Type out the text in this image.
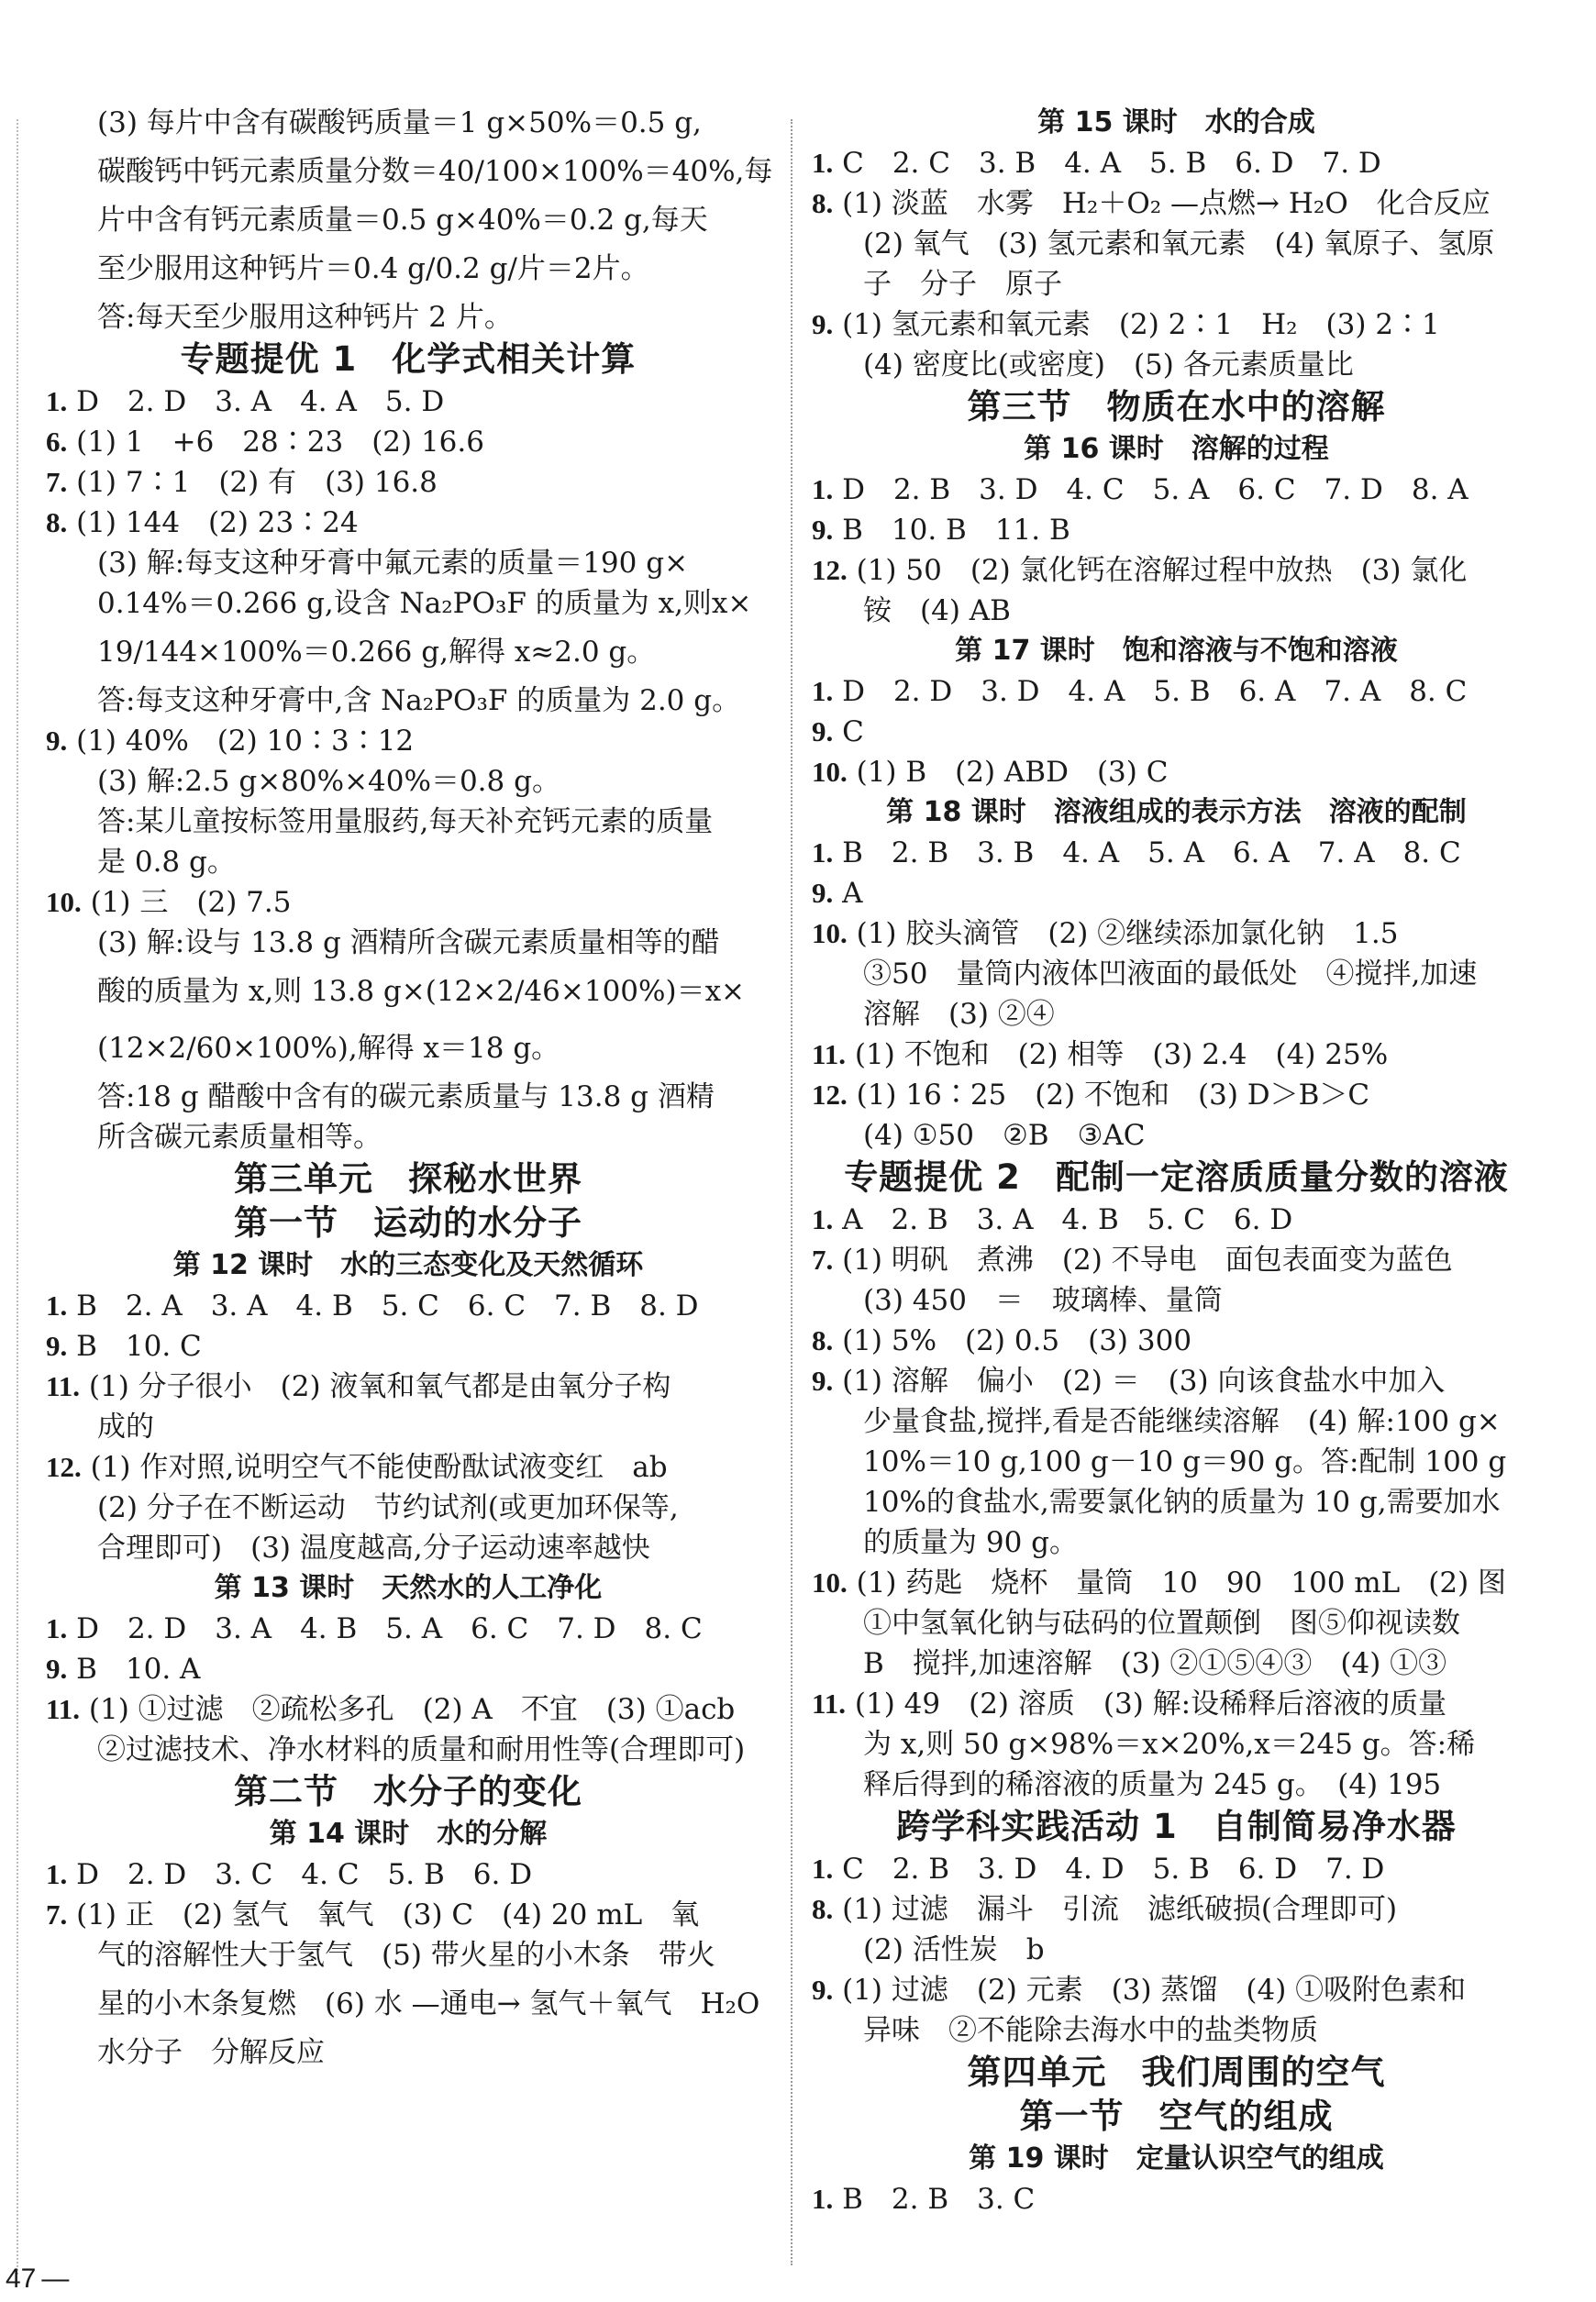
(3) 每片中含有碳酸钙质量＝1 g×50%＝0.5 g,
碳酸钙中钙元素质量分数＝40/100×100%＝40%,每
片中含有钙元素质量＝0.5 g×40%＝0.2 g,每天
至少服用这种钙片＝0.4 g/0.2 g/片＝2片。
答:每天至少服用这种钙片 2 片。
专题提优 1　化学式相关计算
1. D　2. D　3. A　4. A　5. D
6. (1) 1　+6　28∶23　(2) 16.6
7. (1) 7∶1　(2) 有　(3) 16.8
8. (1) 144　(2) 23∶24
(3) 解:每支这种牙膏中氟元素的质量＝190 g×
0.14%＝0.266 g,设含 Na₂PO₃F 的质量为 x,则x×
19/144×100%＝0.266 g,解得 x≈2.0 g。
答:每支这种牙膏中,含 Na₂PO₃F 的质量为 2.0 g。
9. (1) 40%　(2) 10∶3∶12
(3) 解:2.5 g×80%×40%＝0.8 g。
答:某儿童按标签用量服药,每天补充钙元素的质量
是 0.8 g。
10. (1) 三　(2) 7.5
(3) 解:设与 13.8 g 酒精所含碳元素质量相等的醋
酸的质量为 x,则 13.8 g×(12×2/46×100%)＝x×
(12×2/60×100%),解得 x＝18 g。
答:18 g 醋酸中含有的碳元素质量与 13.8 g 酒精
所含碳元素质量相等。
第三单元　探秘水世界
第一节　运动的水分子
第 12 课时　水的三态变化及天然循环
1. B　2. A　3. A　4. B　5. C　6. C　7. B　8. D
9. B　10. C
11. (1) 分子很小　(2) 液氧和氧气都是由氧分子构
成的
12. (1) 作对照,说明空气不能使酚酞试液变红　ab
(2) 分子在不断运动　节约试剂(或更加环保等,
合理即可)　(3) 温度越高,分子运动速率越快
第 13 课时　天然水的人工净化
1. D　2. D　3. A　4. B　5. A　6. C　7. D　8. C
9. B　10. A
11. (1) ①过滤　②疏松多孔　(2) A　不宜　(3) ①acb
②过滤技术、净水材料的质量和耐用性等(合理即可)
第二节　水分子的变化
第 14 课时　水的分解
1. D　2. D　3. C　4. C　5. B　6. D
7. (1) 正　(2) 氢气　氧气　(3) C　(4) 20 mL　氧
气的溶解性大于氢气　(5) 带火星的小木条　带火
星的小木条复燃　(6) 水 —通电→ 氢气＋氧气　H₂O
水分子　分解反应
第 15 课时　水的合成
1. C　2. C　3. B　4. A　5. B　6. D　7. D
8. (1) 淡蓝　水雾　H₂＋O₂ —点燃→ H₂O　化合反应
(2) 氧气　(3) 氢元素和氧元素　(4) 氧原子、氢原
子　分子　原子
9. (1) 氢元素和氧元素　(2) 2∶1　H₂　(3) 2∶1
(4) 密度比(或密度)　(5) 各元素质量比
第三节　物质在水中的溶解
第 16 课时　溶解的过程
1. D　2. B　3. D　4. C　5. A　6. C　7. D　8. A
9. B　10. B　11. B
12. (1) 50　(2) 氯化钙在溶解过程中放热　(3) 氯化
铵　(4) AB
第 17 课时　饱和溶液与不饱和溶液
1. D　2. D　3. D　4. A　5. B　6. A　7. A　8. C
9. C
10. (1) B　(2) ABD　(3) C
第 18 课时　溶液组成的表示方法　溶液的配制
1. B　2. B　3. B　4. A　5. A　6. A　7. A　8. C
9. A
10. (1) 胶头滴管　(2) ②继续添加氯化钠　1.5
③50　量筒内液体凹液面的最低处　④搅拌,加速
溶解　(3) ②④
11. (1) 不饱和　(2) 相等　(3) 2.4　(4) 25%
12. (1) 16∶25　(2) 不饱和　(3) D＞B＞C
(4) ①50　②B　③AC
专题提优 2　配制一定溶质质量分数的溶液
1. A　2. B　3. A　4. B　5. C　6. D
7. (1) 明矾　煮沸　(2) 不导电　面包表面变为蓝色
(3) 450　＝　玻璃棒、量筒
8. (1) 5%　(2) 0.5　(3) 300
9. (1) 溶解　偏小　(2) ＝　(3) 向该食盐水中加入
少量食盐,搅拌,看是否能继续溶解　(4) 解:100 g×
10%＝10 g,100 g－10 g＝90 g。答:配制 100 g
10%的食盐水,需要氯化钠的质量为 10 g,需要加水
的质量为 90 g。
10. (1) 药匙　烧杯　量筒　10　90　100 mL　(2) 图
①中氢氧化钠与砝码的位置颠倒　图⑤仰视读数
B　搅拌,加速溶解　(3) ②①⑤④③　(4) ①③
11. (1) 49　(2) 溶质　(3) 解:设稀释后溶液的质量
为 x,则 50 g×98%＝x×20%,x＝245 g。答:稀
释后得到的稀溶液的质量为 245 g。　(4) 195
跨学科实践活动 1　自制简易净水器
1. C　2. B　3. D　4. D　5. B　6. D　7. D
8. (1) 过滤　漏斗　引流　滤纸破损(合理即可)
(2) 活性炭　b
9. (1) 过滤　(2) 元素　(3) 蒸馏　(4) ①吸附色素和
异味　②不能除去海水中的盐类物质
第四单元　我们周围的空气
第一节　空气的组成
第 19 课时　定量认识空气的组成
1. B　2. B　3. C
47 —
